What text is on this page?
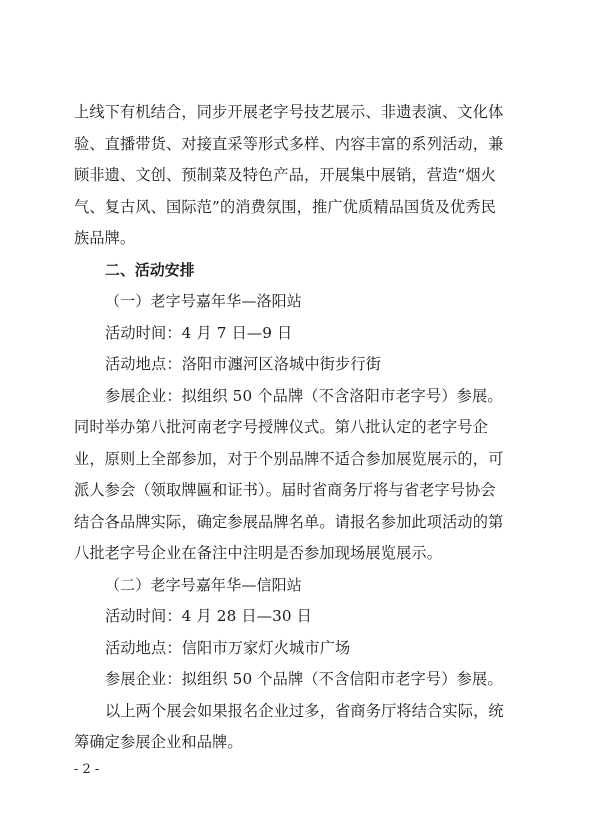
上线下有机结合，同步开展老字号技艺展示、非遗表演、文化体
验、直播带货、对接直采等形式多样、内容丰富的系列活动，兼
顾非遗、文创、预制菜及特色产品，开展集中展销，营造“烟火
气、复古风、国际范”的消费氛围，推广优质精品国货及优秀民
族品牌。
二、活动安排
（一）老字号嘉年华—洛阳站
活动时间：4 月 7 日—9 日
活动地点：洛阳市瀍河区洛城中街步行街
参展企业：拟组织 50 个品牌（不含洛阳市老字号）参展。
同时举办第八批河南老字号授牌仪式。第八批认定的老字号企
业，原则上全部参加，对于个别品牌不适合参加展览展示的，可
派人参会（领取牌匾和证书）。届时省商务厅将与省老字号协会
结合各品牌实际，确定参展品牌名单。请报名参加此项活动的第
八批老字号企业在备注中注明是否参加现场展览展示。
（二）老字号嘉年华—信阳站
活动时间：4 月 28 日—30 日
活动地点：信阳市万家灯火城市广场
参展企业：拟组织 50 个品牌（不含信阳市老字号）参展。
以上两个展会如果报名企业过多，省商务厅将结合实际，统
筹确定参展企业和品牌。
- 2 -
